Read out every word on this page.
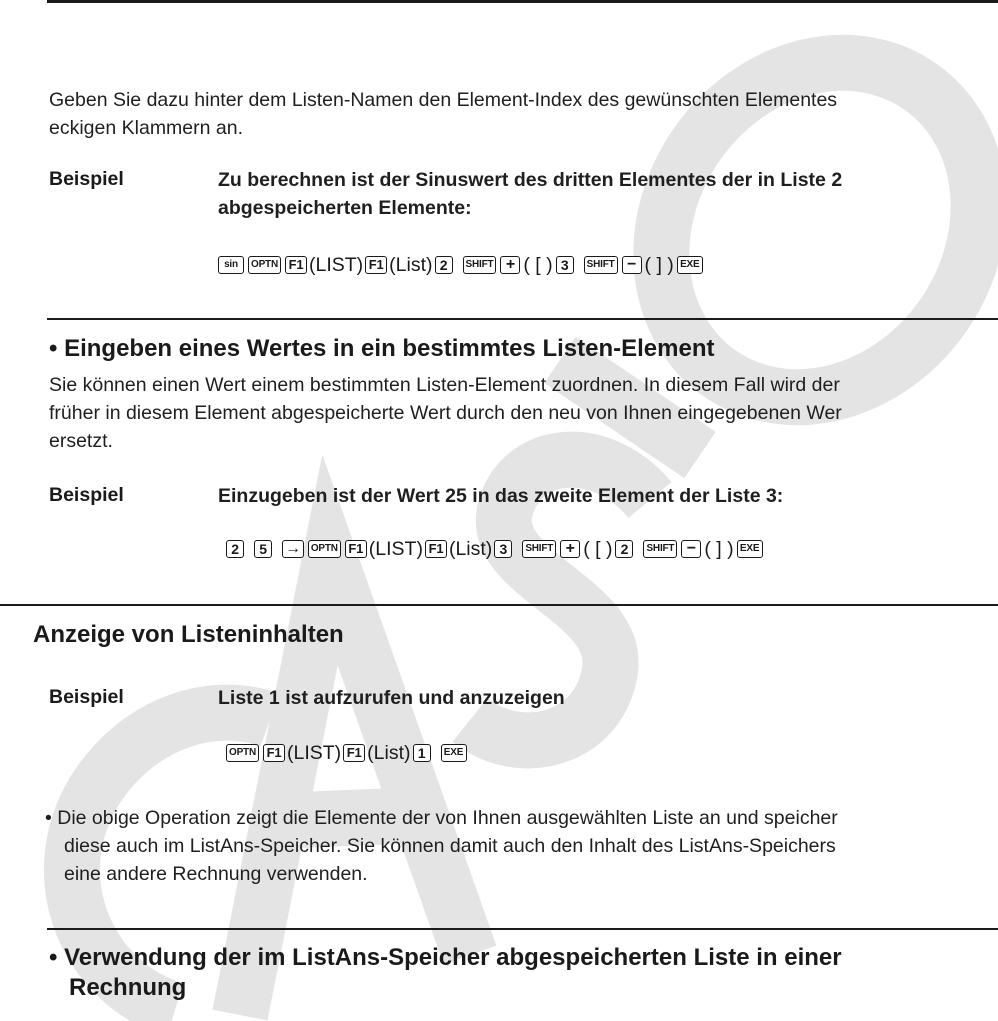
Geben Sie dazu hinter dem Listen-Namen den Element-Index des gewünschten Elementes
eckigen Klammern an.
Beispiel	Zu berechnen ist der Sinuswert des dritten Elementes der in Liste 2
abgespeicherten Elemente:
sin	OPTN F1 (LIST) F1 (List) 2	SHIFT + ( [ ) 3	SHIFT − ( ] ) EXE
• Eingeben eines Wertes in ein bestimmtes Listen-Element
Sie können einen Wert einem bestimmten Listen-Element zuordnen. In diesem Fall wird der
früher in diesem Element abgespeicherte Wert durch den neu von Ihnen eingegebenen Wer
ersetzt.
Beispiel	Einzugeben ist der Wert 25 in das zweite Element der Liste 3:
2	5	→	OPTN F1 (LIST) F1 (List) 3	SHIFT + ( [ ) 2	SHIFT − ( ] ) EXE
Anzeige von Listeninhalten
Beispiel	Liste 1 ist aufzurufen und anzuzeigen
OPTN F1 (LIST) F1 (List) 1	EXE
• Die obige Operation zeigt die Elemente der von Ihnen ausgewählten Liste an und speicher
diese auch im ListAns-Speicher. Sie können damit auch den Inhalt des ListAns-Speichers
eine andere Rechnung verwenden.
• Verwendung der im ListAns-Speicher abgespeicherten Liste in einer
Rechnung
